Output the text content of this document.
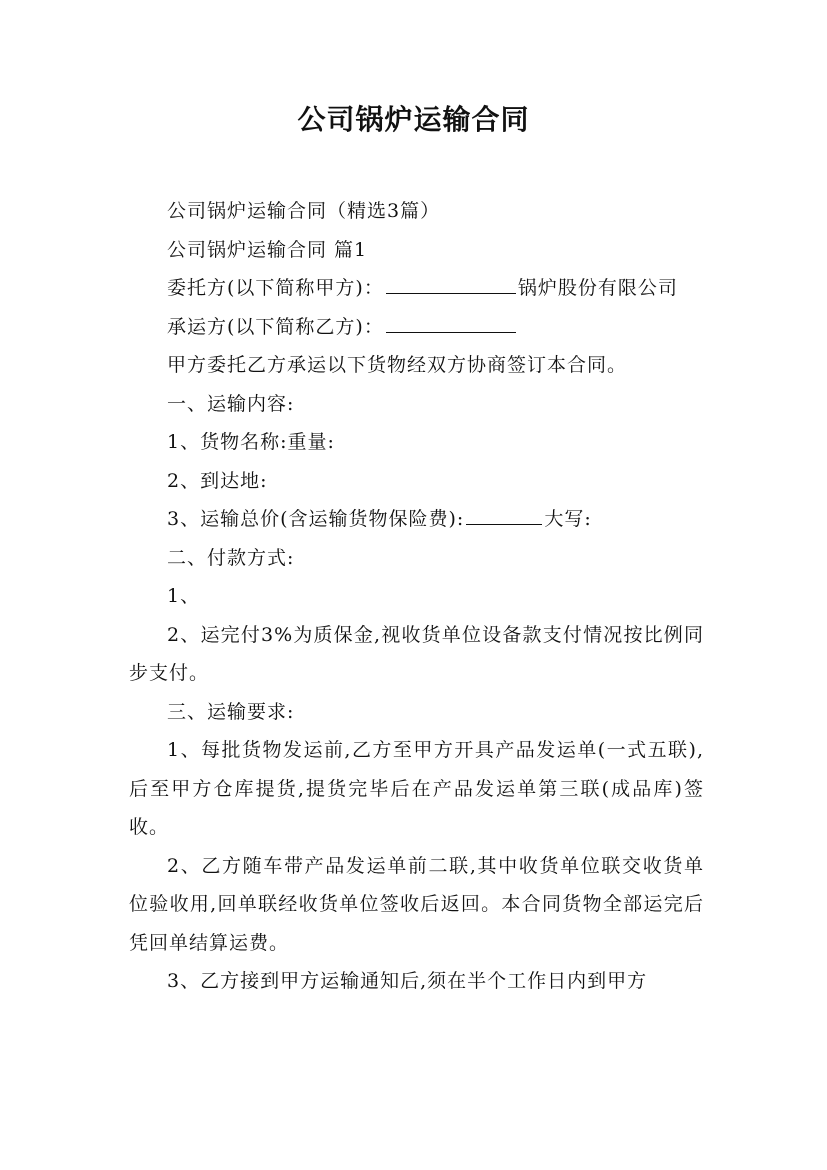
公司锅炉运输合同

公司锅炉运输合同（精选3篇）

公司锅炉运输合同 篇1

委托方(以下简称甲方)：	锅炉股份有限公司

承运方(以下简称乙方)：

甲方委托乙方承运以下货物经双方协商签订本合同。

一、运输内容:

1、货物名称:重量:

2、到达地:

3、运输总价(含运输货物保险费):	大写:

二、付款方式:

1、

2、运完付3%为质保金,视收货单位设备款支付情况按比例同步支付。

三、运输要求:

1、每批货物发运前,乙方至甲方开具产品发运单(一式五联),后至甲方仓库提货,提货完毕后在产品发运单第三联(成品库)签收。

2、乙方随车带产品发运单前二联,其中收货单位联交收货单位验收用,回单联经收货单位签收后返回。本合同货物全部运完后凭回单结算运费。

3、乙方接到甲方运输通知后,须在半个工作日内到甲方
